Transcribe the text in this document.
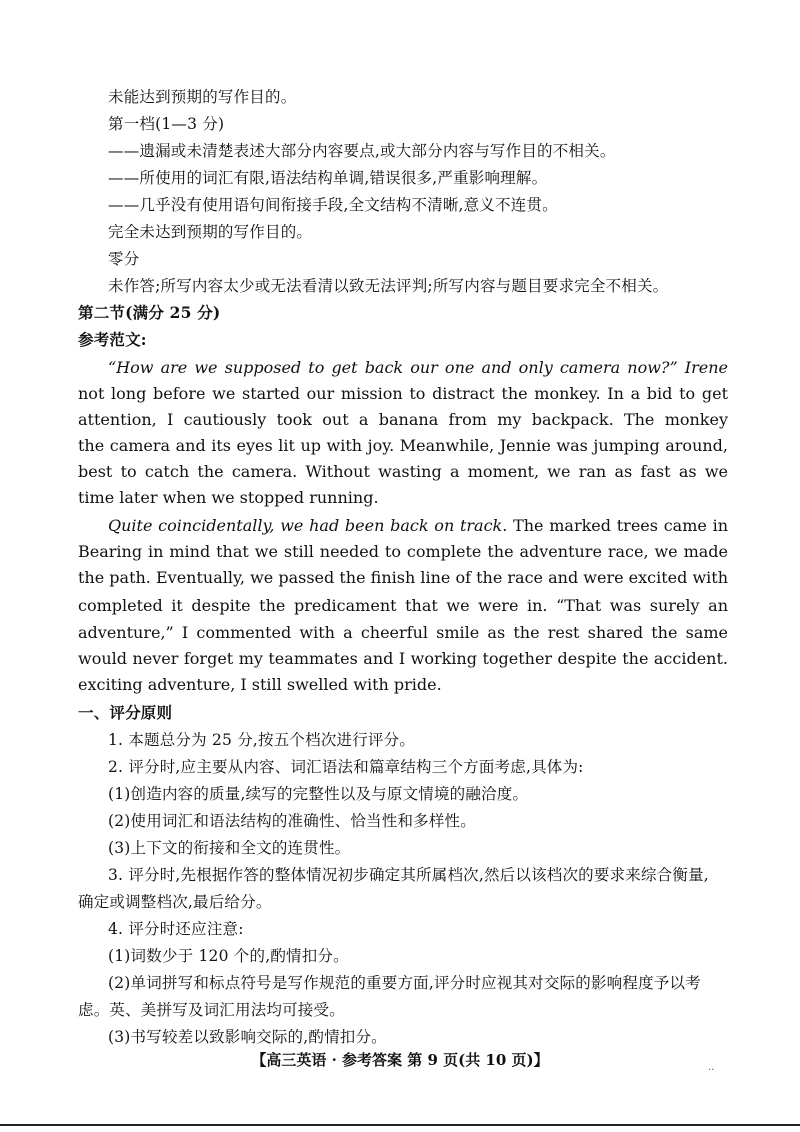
未能达到预期的写作目的。
第一档(1—3 分)
——遗漏或未清楚表述大部分内容要点,或大部分内容与写作目的不相关。
——所使用的词汇有限,语法结构单调,错误很多,严重影响理解。
——几乎没有使用语句间衔接手段,全文结构不清晰,意义不连贯。
完全未达到预期的写作目的。
零分
未作答;所写内容太少或无法看清以致无法评判;所写内容与题目要求完全不相关。
第二节(满分 25 分)
参考范文:
“How are we supposed to get back our one and only camera now?” Irene
not long before we started our mission to distract the monkey. In a bid to get
attention, I cautiously took out a banana from my backpack. The monkey
the camera and its eyes lit up with joy. Meanwhile, Jennie was jumping around,
best to catch the camera. Without wasting a moment, we ran as fast as we
time later when we stopped running.
Quite coincidentally, we had been back on track. The marked trees came in
Bearing in mind that we still needed to complete the adventure race, we made
the path. Eventually, we passed the finish line of the race and were excited with
completed it despite the predicament that we were in. “That was surely an
adventure,” I commented with a cheerful smile as the rest shared the same
would never forget my teammates and I working together despite the accident.
exciting adventure, I still swelled with pride.
一、评分原则
1. 本题总分为 25 分,按五个档次进行评分。
2. 评分时,应主要从内容、词汇语法和篇章结构三个方面考虑,具体为:
(1)创造内容的质量,续写的完整性以及与原文情境的融洽度。
(2)使用词汇和语法结构的准确性、恰当性和多样性。
(3)上下文的衔接和全文的连贯性。
3. 评分时,先根据作答的整体情况初步确定其所属档次,然后以该档次的要求来综合衡量,
确定或调整档次,最后给分。
4. 评分时还应注意:
(1)词数少于 120 个的,酌情扣分。
(2)单词拼写和标点符号是写作规范的重要方面,评分时应视其对交际的影响程度予以考
虑。英、美拼写及词汇用法均可接受。
(3)书写较差以致影响交际的,酌情扣分。
【高三英语 · 参考答案 第 9 页(共 10 页)】	..
